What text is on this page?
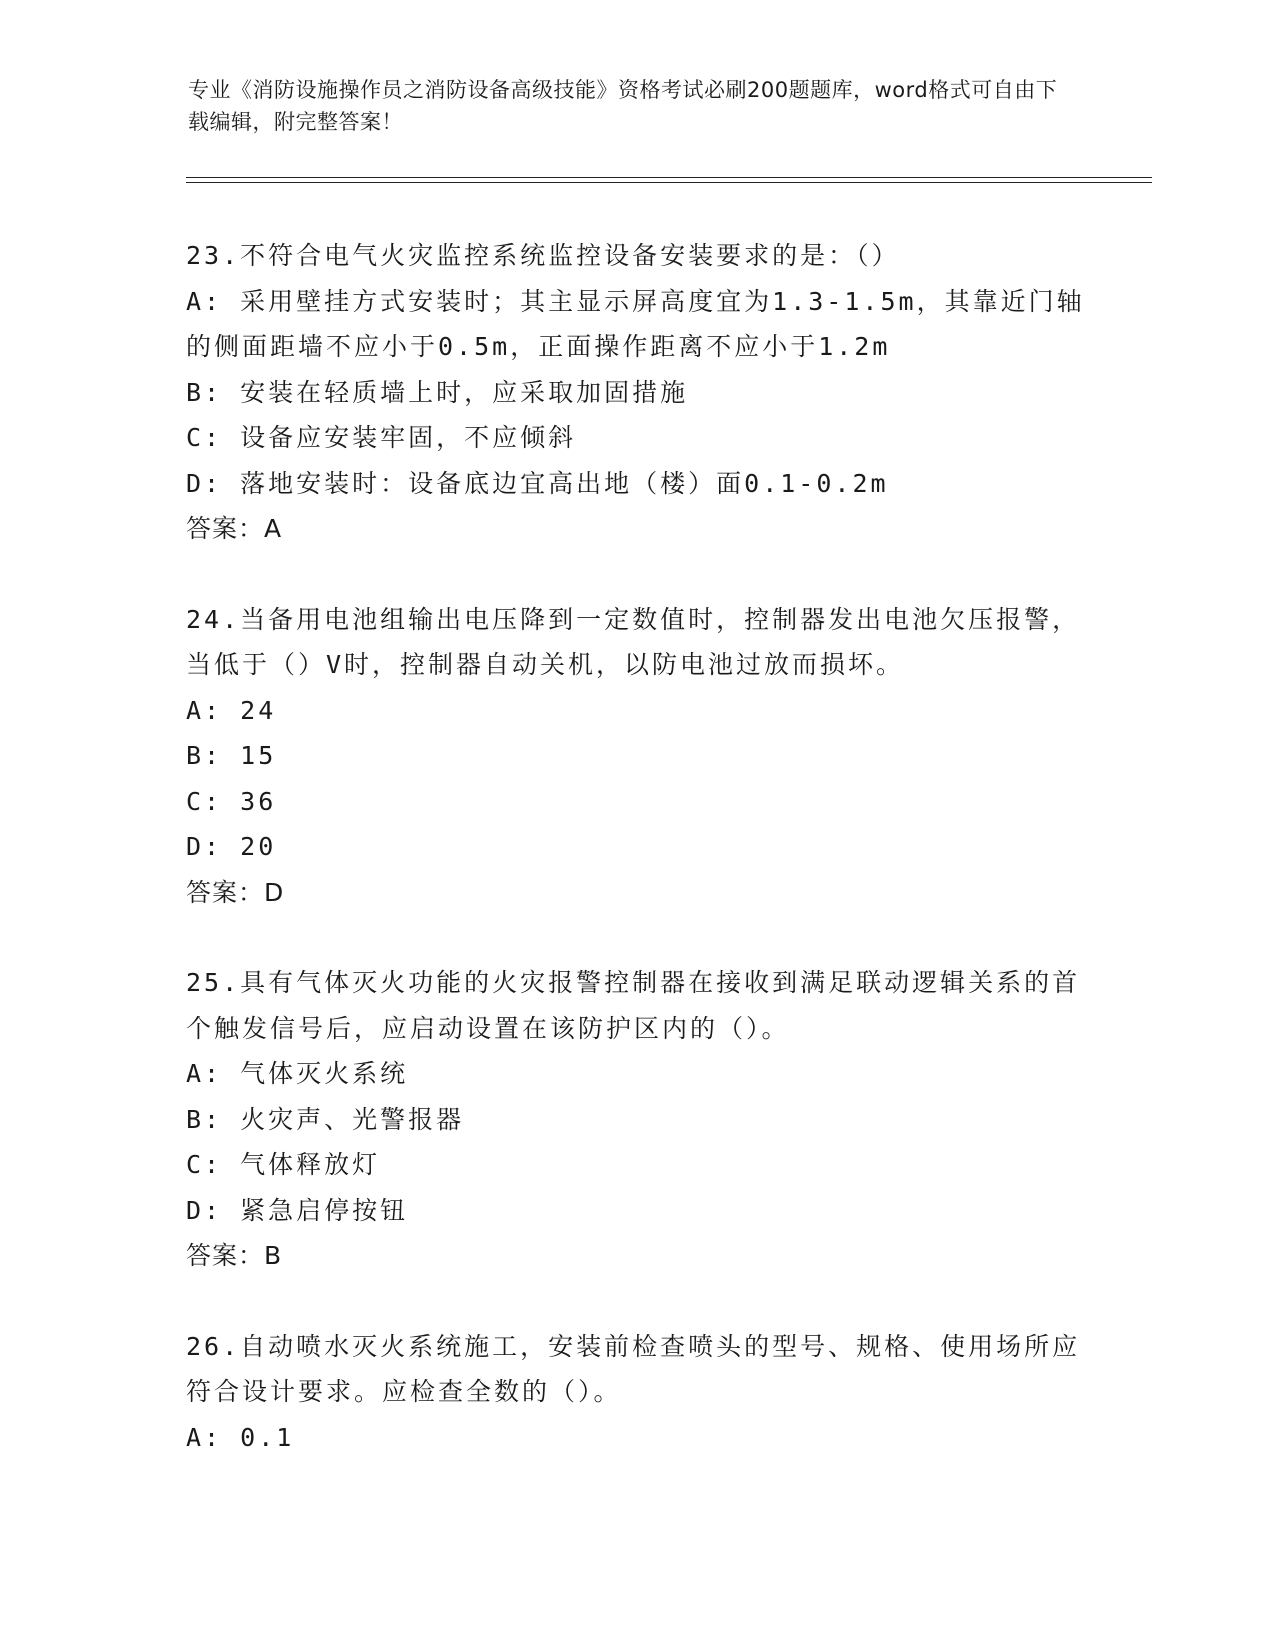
专业《消防设施操作员之消防设备高级技能》资格考试必刷200题题库，word格式可自由下载编辑，附完整答案！
23.不符合电气火灾监控系统监控设备安装要求的是：（）
A: 采用壁挂方式安装时；其主显示屏高度宜为1.3-1.5m，其靠近门轴的侧面距墙不应小于0.5m，正面操作距离不应小于1.2m
B: 安装在轻质墙上时，应采取加固措施
C: 设备应安装牢固，不应倾斜
D: 落地安装时：设备底边宜高出地（楼）面0.1-0.2m
答案：A
24.当备用电池组输出电压降到一定数值时，控制器发出电池欠压报警，当低于（）V时，控制器自动关机，以防电池过放而损坏。
A: 24
B: 15
C: 36
D: 20
答案：D
25.具有气体灭火功能的火灾报警控制器在接收到满足联动逻辑关系的首个触发信号后，应启动设置在该防护区内的（）。
A: 气体灭火系统
B: 火灾声、光警报器
C: 气体释放灯
D: 紧急启停按钮
答案：B
26.自动喷水灭火系统施工，安装前检查喷头的型号、规格、使用场所应符合设计要求。应检查全数的（）。
A: 0.1
